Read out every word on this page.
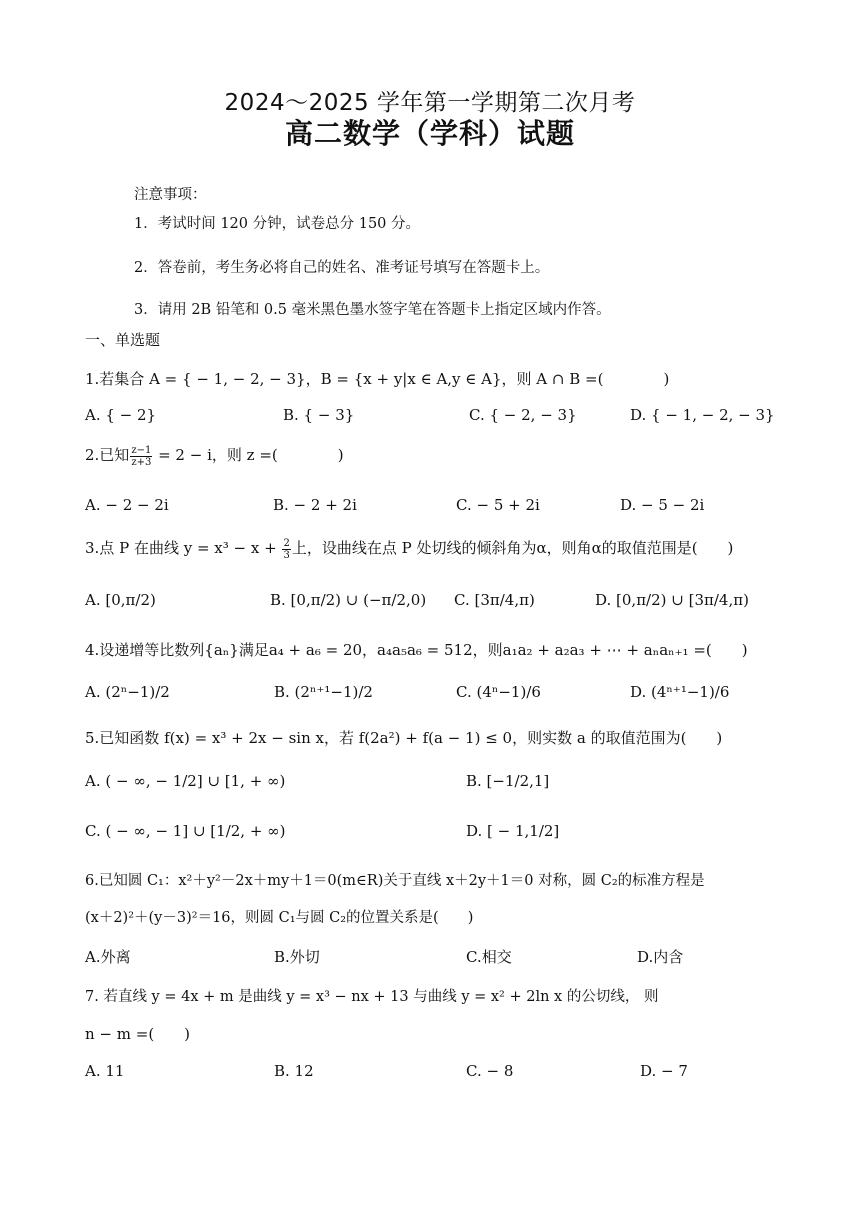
2024～2025 学年第一学期第二次月考
高二数学（学科）试题
注意事项：
1．考试时间 120 分钟，试卷总分 150 分。
2．答卷前，考生务必将自己的姓名、准考证号填写在答题卡上。
3．请用 2B 铅笔和 0.5 毫米黑色墨水签字笔在答题卡上指定区域内作答。
一、单选题
1.若集合 A = { − 1, − 2, − 3}，B = {x + y|x ∈ A,y ∈ A}，则 A ∩ B =(　　　　)
A. { − 2}	B. { − 3}	C. { − 2, − 3}	D. { − 1, − 2, − 3}
2.已知 $\frac{z-1}{z+3} = 2 - i$，则 z =(　　　　)
A. − 2 − 2i	B. − 2 + 2i	C. − 5 + 2i	D. − 5 − 2i
3.点 P 在曲线 $y = x^3 - x + \frac{2}{3}$ 上，设曲线在点 P 处切线的倾斜角为α，则角α的取值范围是(　　)
A. [0,π/2)	B. [0,π/2) ∪ (−π/2,0) C. [3π/4,π)	D. [0,π/2) ∪ [3π/4,π)
4.设递增等比数列{aₙ}满足a₄ + a₆ = 20，a₄a₅a₆ = 512，则a₁a₂ + a₂a₃ + ⋯ + aₙaₙ₊₁ =(　　)
A. (2ⁿ−1)/2	B. (2ⁿ⁺¹−1)/2	C. (4ⁿ−1)/6	D. (4ⁿ⁺¹−1)/6
5.已知函数 f(x) = x³ + 2x − sin x，若 f(2a²) + f(a − 1) ≤ 0，则实数 a 的取值范围为(　　)
A. ( − ∞, − 1/2] ∪ [1, + ∞)	B. [−1/2,1]
C. ( − ∞, − 1] ∪ [1/2, + ∞)	D. [ − 1,1/2]
6.已知圆 C₁：x²＋y²－2x＋my＋1＝0(m∈R)关于直线 x＋2y＋1＝0 对称，圆 C₂的标准方程是
(x＋2)²＋(y－3)²＝16，则圆 C₁与圆 C₂的位置关系是(　　)
A.外离	B.外切	C.相交	D.内含
7. 若直线 y = 4x + m 是曲线 y = x³ − nx + 13 与曲线 y = x² + 2ln x 的公切线， 则
n − m =(　　)
A. 11	B. 12	C. − 8	D. − 7
